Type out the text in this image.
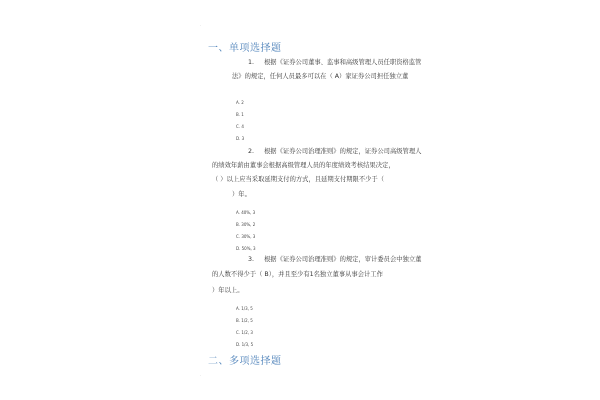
.
一、单项选择题
1. 根据《证券公司董事、监事和高级管理人员任职资格监管
法》的规定，任何人员最多可以在（ A）家证券公司担任独立董
A. 2
B. 1
C. 4
D. 3
2. 根据《证券公司治理准则》的规定，证券公司高级管理人
的绩效年薪由董事会根据高级管理人员的年度绩效考核结果决定，
（ ）以上应当采取延期支付的方式，且延期支付期限不少于（
）年。
A. 40%, 3
B. 30%, 2
C. 30%, 3
D. 50%, 3
3. 根据《证券公司治理准则》的规定，审计委员会中独立董
的人数不得少于（ B），并且至少有1名独立董事从事会计工作
）年以上。
A. 1/3, 5
B. 1/2, 5
C. 1/2, 3
D. 1/3, 5
二、多项选择题
.
